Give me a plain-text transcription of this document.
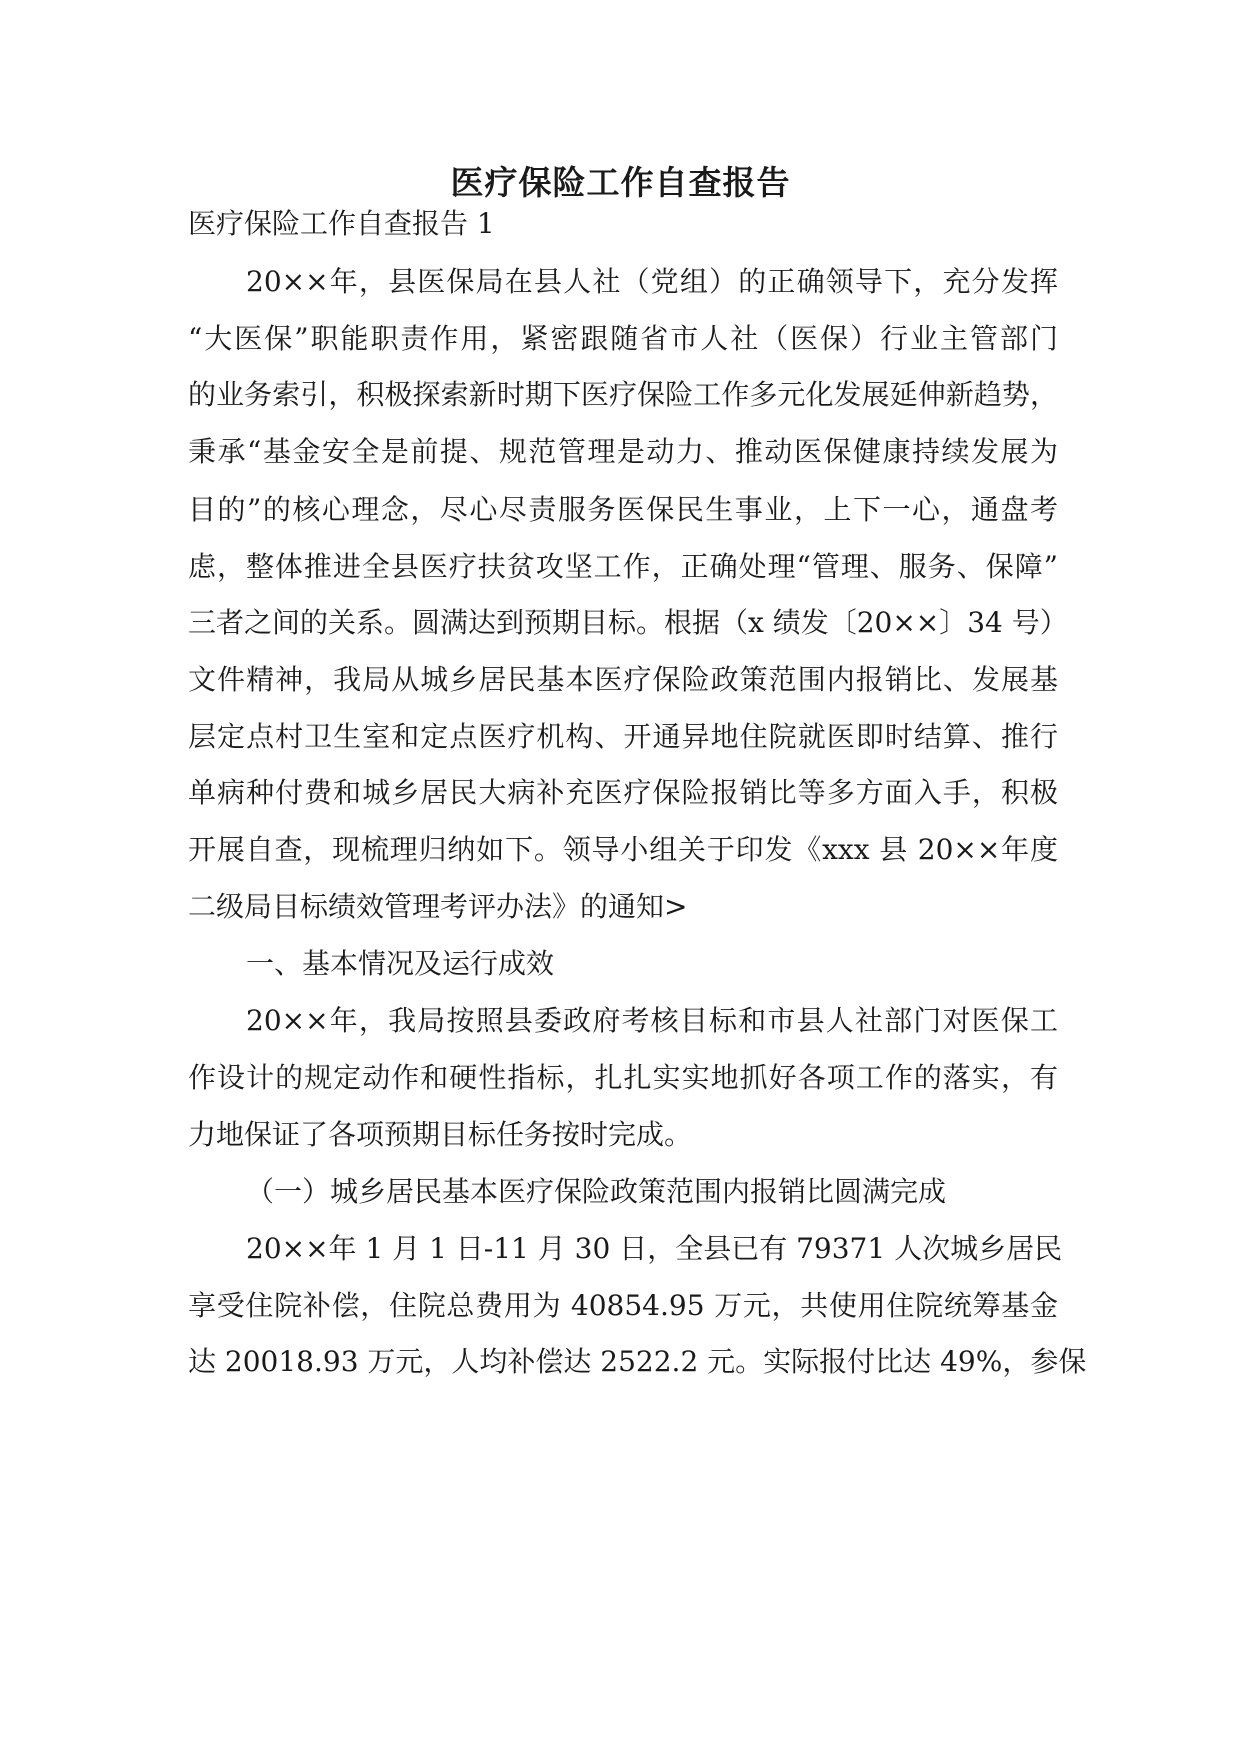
医疗保险工作自查报告
医疗保险工作自查报告 1
20××年，县医保局在县人社（党组）的正确领导下，充分发挥
“大医保”职能职责作用，紧密跟随省市人社（医保）行业主管部门
的业务索引，积极探索新时期下医疗保险工作多元化发展延伸新趋势，
秉承“基金安全是前提、规范管理是动力、推动医保健康持续发展为
目的”的核心理念，尽心尽责服务医保民生事业，上下一心，通盘考
虑，整体推进全县医疗扶贫攻坚工作，正确处理“管理、服务、保障”
三者之间的关系。圆满达到预期目标。根据（x 绩发〔20××〕34 号）
文件精神，我局从城乡居民基本医疗保险政策范围内报销比、发展基
层定点村卫生室和定点医疗机构、开通异地住院就医即时结算、推行
单病种付费和城乡居民大病补充医疗保险报销比等多方面入手，积极
开展自查，现梳理归纳如下。领导小组关于印发《xxx 县 20××年度
二级局目标绩效管理考评办法》的通知>
一、基本情况及运行成效
20××年，我局按照县委政府考核目标和市县人社部门对医保工
作设计的规定动作和硬性指标，扎扎实实地抓好各项工作的落实，有
力地保证了各项预期目标任务按时完成。
（一）城乡居民基本医疗保险政策范围内报销比圆满完成
20××年 1 月 1 日-11 月 30 日，全县已有 79371 人次城乡居民
享受住院补偿，住院总费用为 40854.95 万元，共使用住院统筹基金
达 20018.93 万元，人均补偿达 2522.2 元。实际报付比达 49%，参保
